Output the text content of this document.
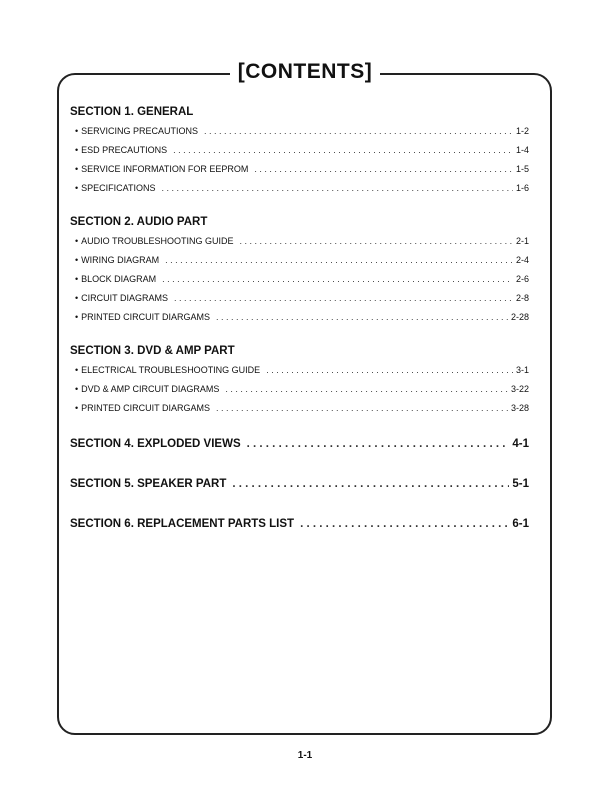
[CONTENTS]
SECTION 1. GENERAL
• SERVICING PRECAUTIONS . . .	1-2
• ESD PRECAUTIONS . . .	1-4
• SERVICE INFORMATION FOR EEPROM . . .	1-5
• SPECIFICATIONS . . .	1-6
SECTION 2. AUDIO PART
• AUDIO TROUBLESHOOTING GUIDE . . .	2-1
• WIRING DIAGRAM . . .	2-4
• BLOCK DIAGRAM . . .	2-6
• CIRCUIT DIAGRAMS . . .	2-8
• PRINTED CIRCUIT DIARGAMS . . .	2-28
SECTION 3. DVD & AMP PART
• ELECTRICAL TROUBLESHOOTING GUIDE . . .	3-1
• DVD & AMP CIRCUIT DIAGRAMS . . .	3-22
• PRINTED CIRCUIT DIARGAMS . . .	3-28
SECTION 4. EXPLODED VIEWS . . .	4-1
SECTION 5. SPEAKER PART . . .	5-1
SECTION 6. REPLACEMENT PARTS LIST . . .	6-1
1-1
